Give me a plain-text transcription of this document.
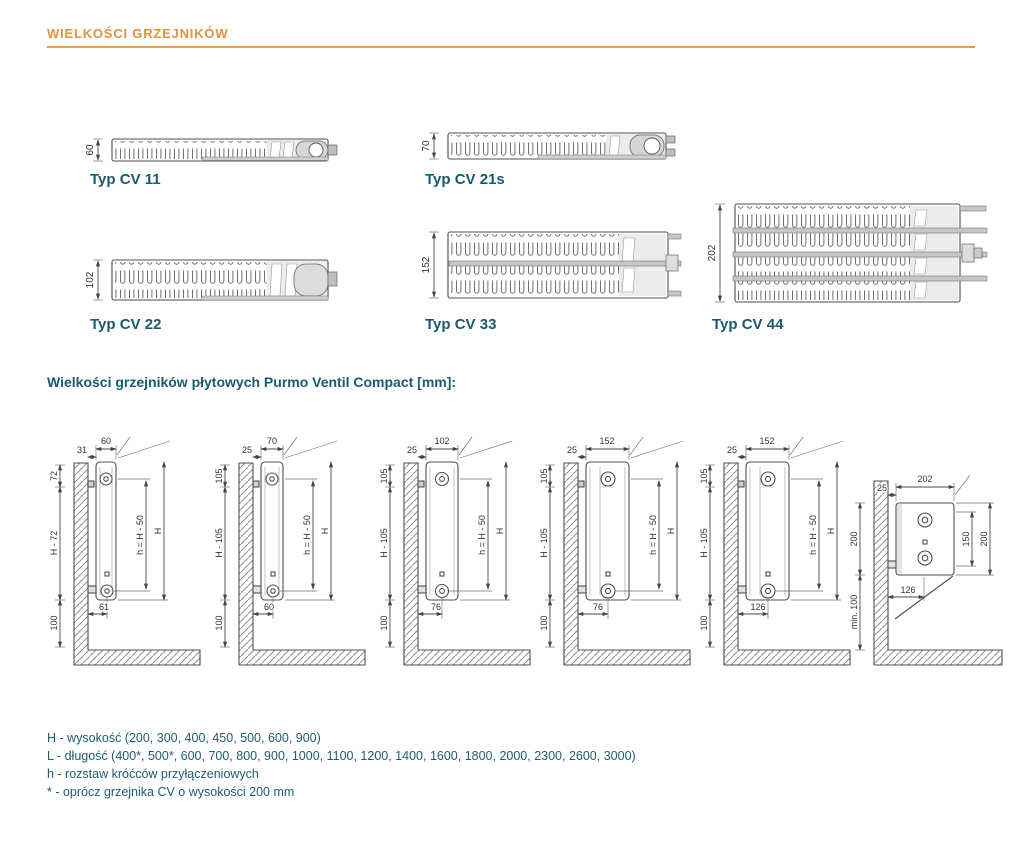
WIELKOŚCI GRZEJNIKÓW
60
Typ CV 11
70
Typ CV 21s
102
Typ CV 22
152
Typ CV 33
202
Typ CV 44
Wielkości grzejników płytowych Purmo Ventil Compact [mm]:
60
31
72
H - 72
100
h = H - 50 H
61
70
25
105
H - 105
100
h = H - 50 H
60
102
25
105
H - 105
100
h = H - 50 H
76
152
25
105
H - 105
100
h = H - 50 H
76
152
25
105
H - 105
100
h = H - 50 H
126
202
25
150 200
200
min. 100
126
H - wysokość (200, 300, 400, 450, 500, 600, 900)
L - długość (400*, 500*, 600, 700, 800, 900, 1000, 1100, 1200, 1400, 1600, 1800, 2000, 2300, 2600, 3000)
h - rozstaw króćców przyłączeniowych
* - oprócz grzejnika CV o wysokości 200 mm
